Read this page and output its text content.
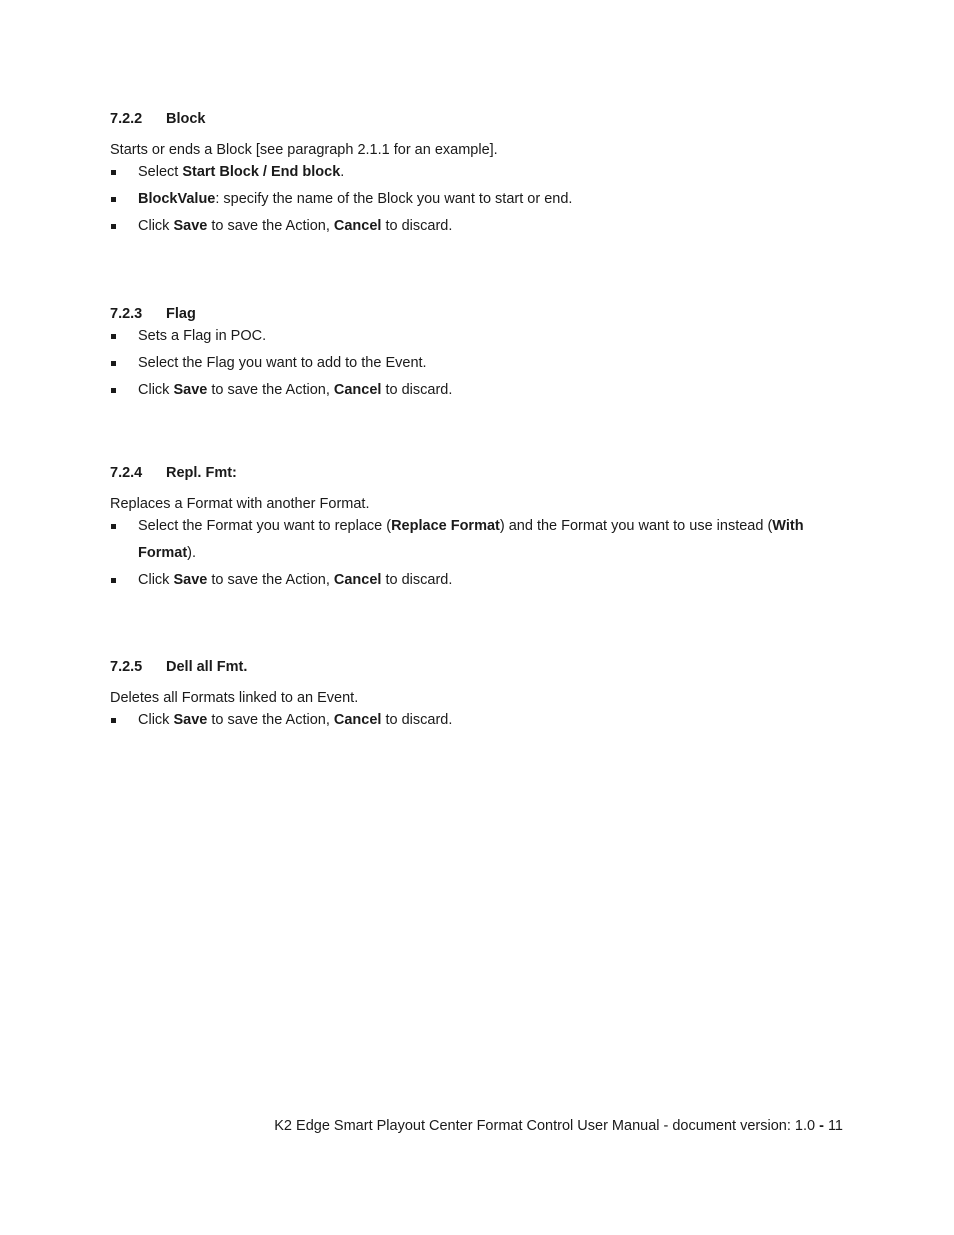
7.2.2 Block
Starts or ends a Block [see paragraph 2.1.1 for an example].
Select Start Block / End block.
BlockValue: specify the name of the Block you want to start or end.
Click Save to save the Action, Cancel to discard.
7.2.3 Flag
Sets a Flag in POC.
Select the Flag you want to add to the Event.
Click Save to save the Action, Cancel to discard.
7.2.4 Repl. Fmt:
Replaces a Format with another Format.
Select the Format you want to replace (Replace Format) and the Format you want to use instead (With Format).
Click Save to save the Action, Cancel to discard.
7.2.5 Dell all Fmt.
Deletes all Formats linked to an Event.
Click Save to save the Action, Cancel to discard.
K2 Edge Smart Playout Center Format Control User Manual - document version: 1.0 - 11
